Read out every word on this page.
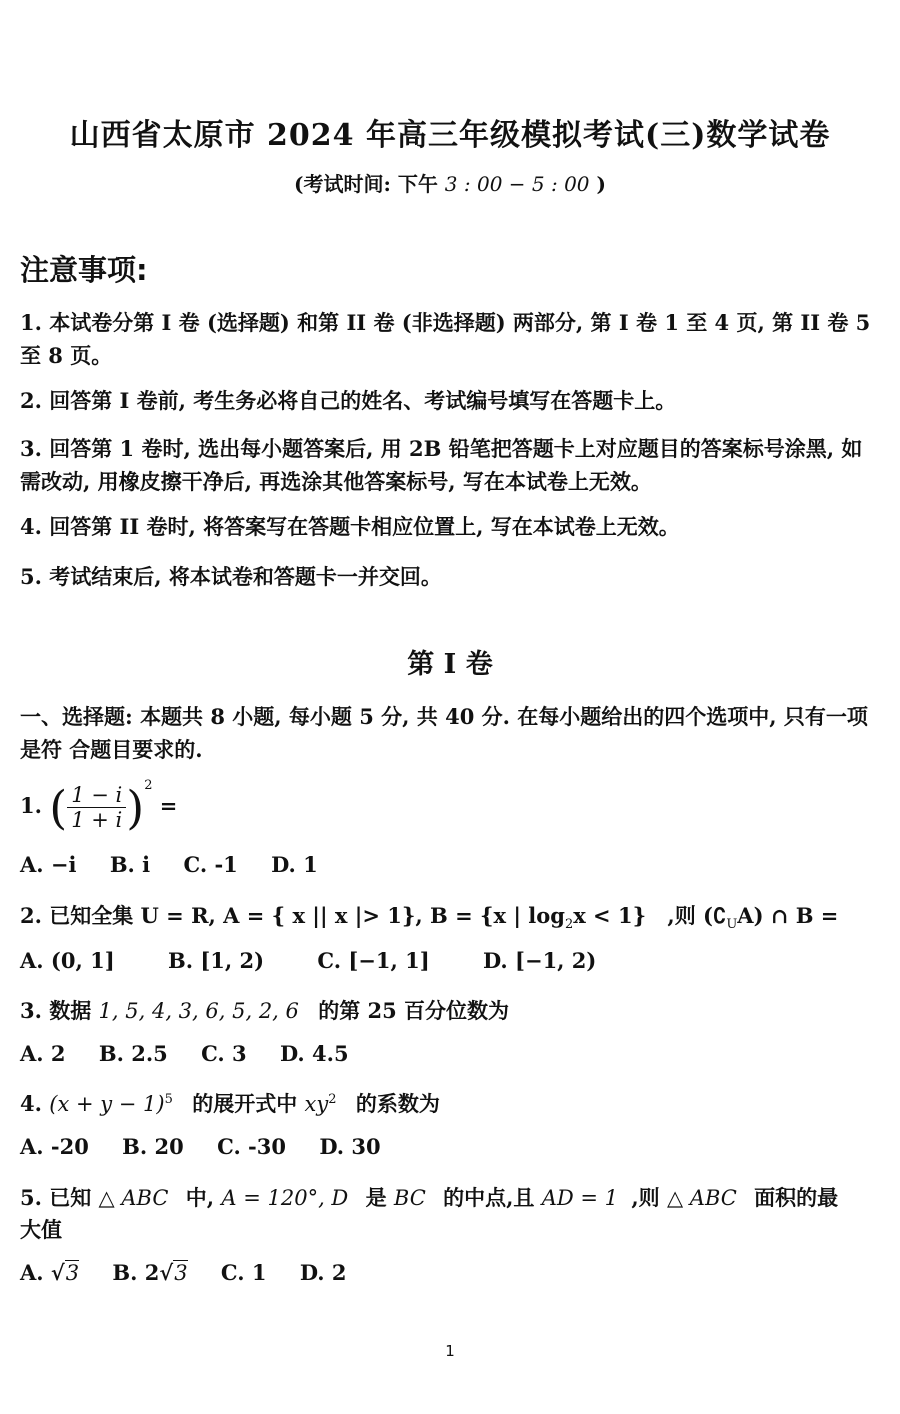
山西省太原市 2024 年高三年级模拟考试(三)数学试卷
(考试时间: 下午 3 : 00 − 5 : 00 )
注意事项:
1. 本试卷分第 I 卷 (选择题) 和第 II 卷 (非选择题) 两部分, 第 I 卷 1 至 4 页, 第 II 卷 5 至 8 页。
2. 回答第 I 卷前, 考生务必将自己的姓名、考试编号填写在答题卡上。
3. 回答第 1 卷时, 选出每小题答案后, 用 2B 铅笔把答题卡上对应题目的答案标号涂黑, 如需改动, 用橡皮擦干净后, 再选涂其他答案标号, 写在本试卷上无效。
4. 回答第 II 卷时, 将答案写在答题卡相应位置上, 写在本试卷上无效。
5. 考试结束后, 将本试卷和答题卡一并交回。
第 I 卷
一、选择题: 本题共 8 小题, 每小题 5 分, 共 40 分. 在每小题给出的四个选项中, 只有一项是符 合题目要求的.
1. ( $\frac{1 - i}{1 + i} )^2$ =
A. −i B. i C. -1 D. 1
2. 已知全集 U = R, A = { x || x |> 1}, B = {x | $\log_2x < 1$} ,则 $(∁_UA)$ ∩ B =
A. (0, 1]	B. [1, 2)	C. [−1, 1]	D. [−1, 2)
3. 数据 1, 5, 4, 3, 6, 5, 2, 6 的第 25 百分位数为
A. 2 B. 2.5 C. 3 D. 4.5
4. $(x + y - 1)^5$ 的展开式中 $xy^2$ 的系数为
A. -20 B. 20 C. -30 D. 30
5. 已知 △ ABC 中, A = 120°, D 是 BC 的中点,且 AD = 1 ,则 △ ABC 面积的最
大值
A. √3 B. 2√3 C. 1 D. 2
1
